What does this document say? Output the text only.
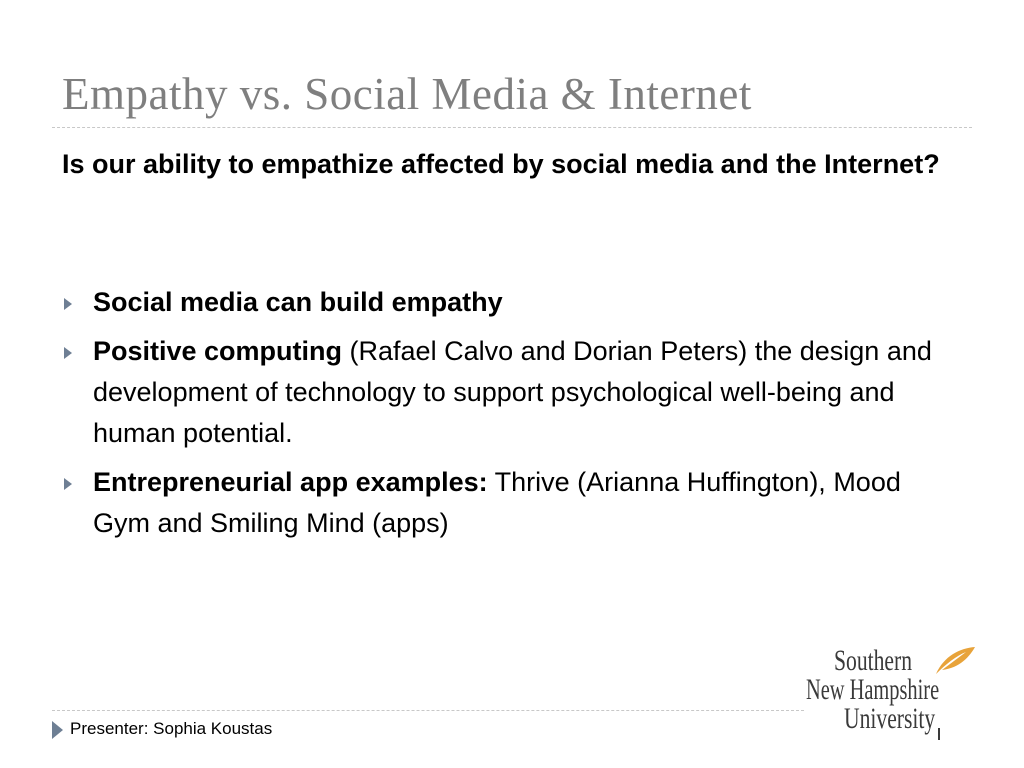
Empathy vs. Social Media & Internet
Is our ability to empathize affected by social media and the Internet?
Social media can build empathy
Positive computing (Rafael Calvo and Dorian Peters) the design and development of technology to support psychological well-being and human potential.
Entrepreneurial app examples: Thrive (Arianna Huffington), Mood Gym and Smiling Mind (apps)
Southern
New Hampshire
University
Presenter: Sophia Koustas
